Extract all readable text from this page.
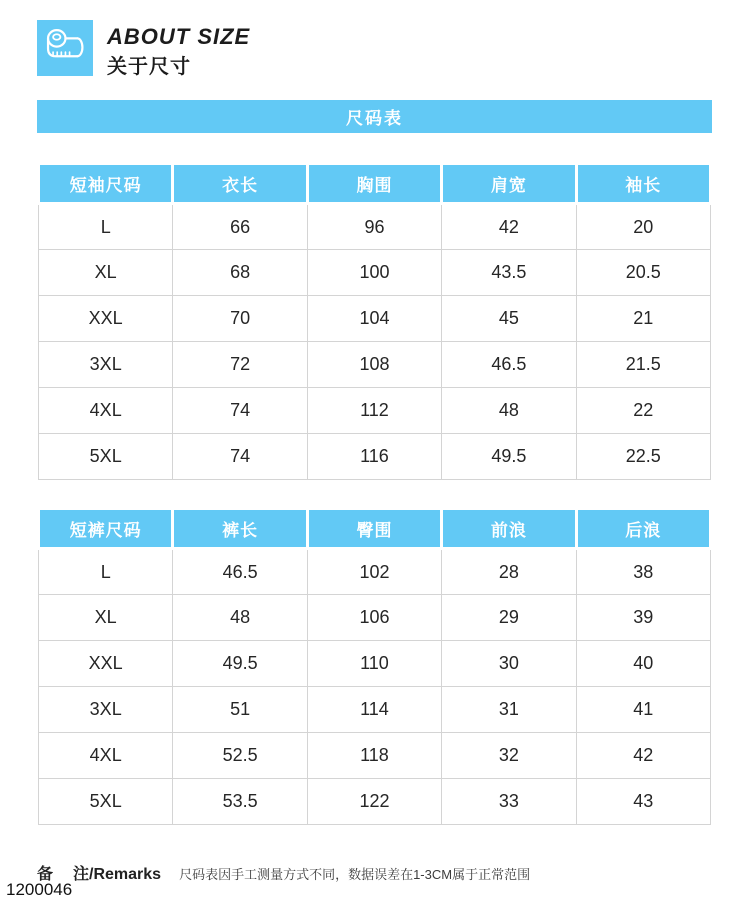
ABOUT SIZE
关于尺寸
尺码表
短袖尺码	衣长	胸围	肩宽	袖长
L	66	96	42	20
XL	68	100	43.5	20.5
XXL	70	104	45	21
3XL	72	108	46.5	21.5
4XL	74	112	48	22
5XL	74	116	49.5	22.5
短裤尺码	裤长	臀围	前浪	后浪
L	46.5	102	28	38
XL	48	106	29	39
XXL	49.5	110	30	40
3XL	51	114	31	41
4XL	52.5	118	32	42
5XL	53.5	122	33	43
备 注/Remarks 尺码表因手工测量方式不同，数据误差在1-3CM属于正常范围
1200046
